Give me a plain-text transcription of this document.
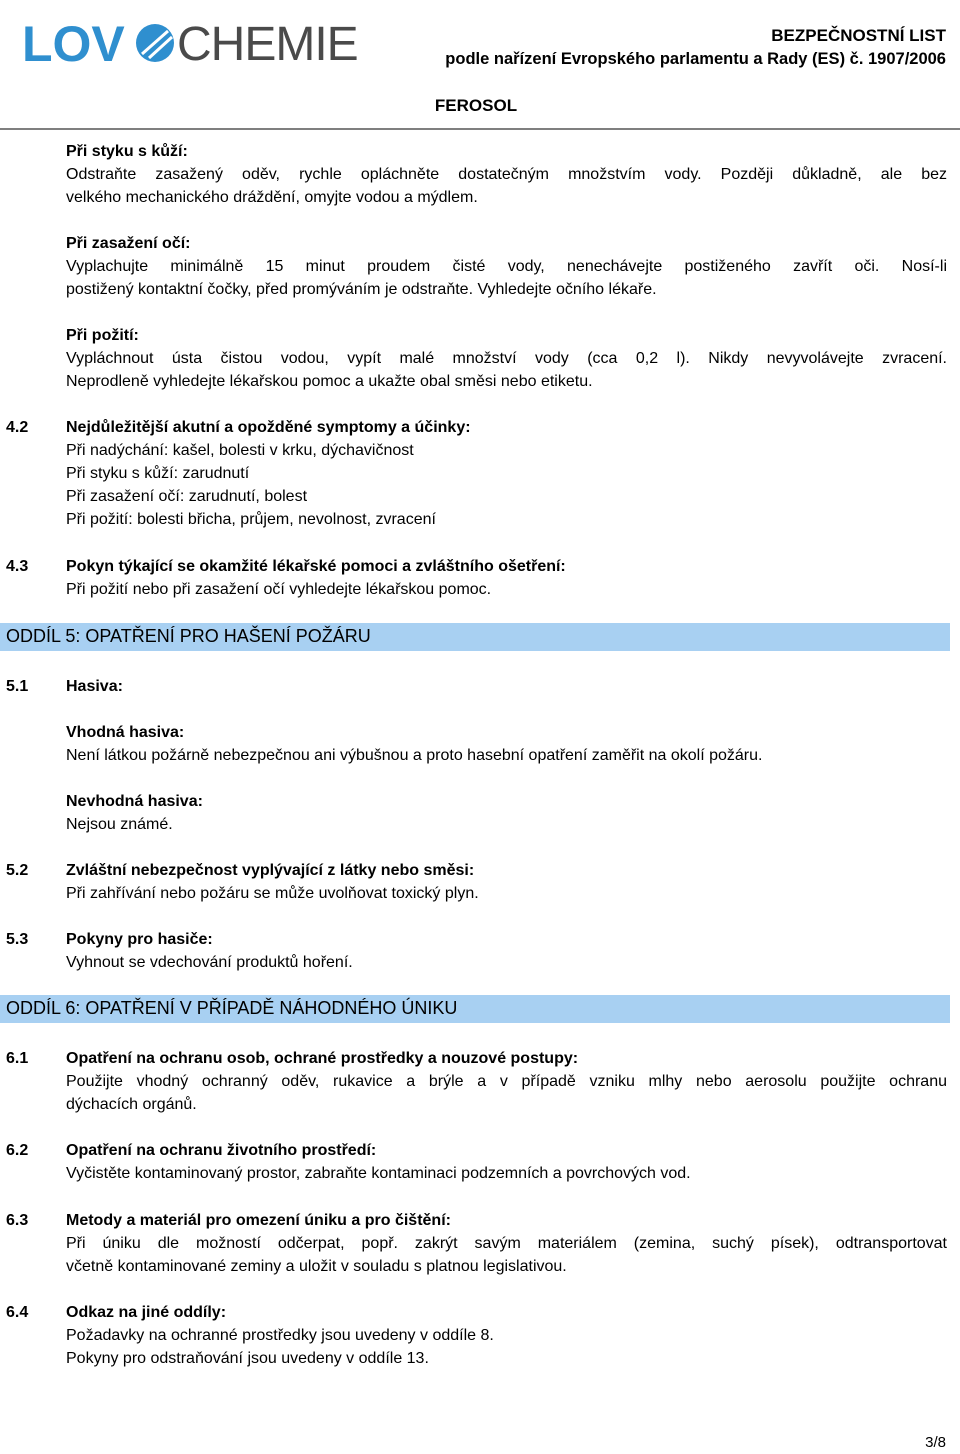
LOV CHEMIE	BEZPEČNOSTNÍ LIST
podle nařízení Evropského parlamentu a Rady (ES) č. 1907/2006
FEROSOL
Při styku s kůží:
Odstraňte zasažený oděv, rychle opláchněte dostatečným množstvím vody. Později důkladně, ale bez
velkého mechanického dráždění, omyjte vodou a mýdlem.
Při zasažení očí:
Vyplachujte minimálně 15 minut proudem čisté vody, nenechávejte postiženého zavřít oči. Nosí-li
postižený kontaktní čočky, před promýváním je odstraňte. Vyhledejte očního lékaře.
Při požití:
Vypláchnout ústa čistou vodou, vypít malé množství vody (cca 0,2 l). Nikdy nevyvolávejte zvracení.
Neprodleně vyhledejte lékařskou pomoc a ukažte obal směsi nebo etiketu.
4.2 Nejdůležitější akutní a opožděné symptomy a účinky:
Při nadýchání: kašel, bolesti v krku, dýchavičnost
Při styku s kůží: zarudnutí
Při zasažení očí: zarudnutí, bolest
Při požití: bolesti břicha, průjem, nevolnost, zvracení
4.3 Pokyn týkající se okamžité lékařské pomoci a zvláštního ošetření:
Při požití nebo při zasažení očí vyhledejte lékařskou pomoc.
ODDÍL 5: OPATŘENÍ PRO HAŠENÍ POŽÁRU
5.1 Hasiva:
Vhodná hasiva:
Není látkou požárně nebezpečnou ani výbušnou a proto hasební opatření zaměřit na okolí požáru.
Nevhodná hasiva:
Nejsou známé.
5.2 Zvláštní nebezpečnost vyplývající z látky nebo směsi:
Při zahřívání nebo požáru se může uvolňovat toxický plyn.
5.3 Pokyny pro hasiče:
Vyhnout se vdechování produktů hoření.
ODDÍL 6: OPATŘENÍ V PŘÍPADĚ NÁHODNÉHO ÚNIKU
6.1 Opatření na ochranu osob, ochrané prostředky a nouzové postupy:
Použijte vhodný ochranný oděv, rukavice a brýle a v případě vzniku mlhy nebo aerosolu použijte ochranu
dýchacích orgánů.
6.2 Opatření na ochranu životního prostředí:
Vyčistěte kontaminovaný prostor, zabraňte kontaminaci podzemních a povrchových vod.
6.3 Metody a materiál pro omezení úniku a pro čištění:
Při úniku dle možností odčerpat, popř. zakrýt savým materiálem (zemina, suchý písek), odtransportovat
včetně kontaminované zeminy a uložit v souladu s platnou legislativou.
6.4 Odkaz na jiné oddíly:
Požadavky na ochranné prostředky jsou uvedeny v oddíle 8.
Pokyny pro odstraňování jsou uvedeny v oddíle 13.
3/8
